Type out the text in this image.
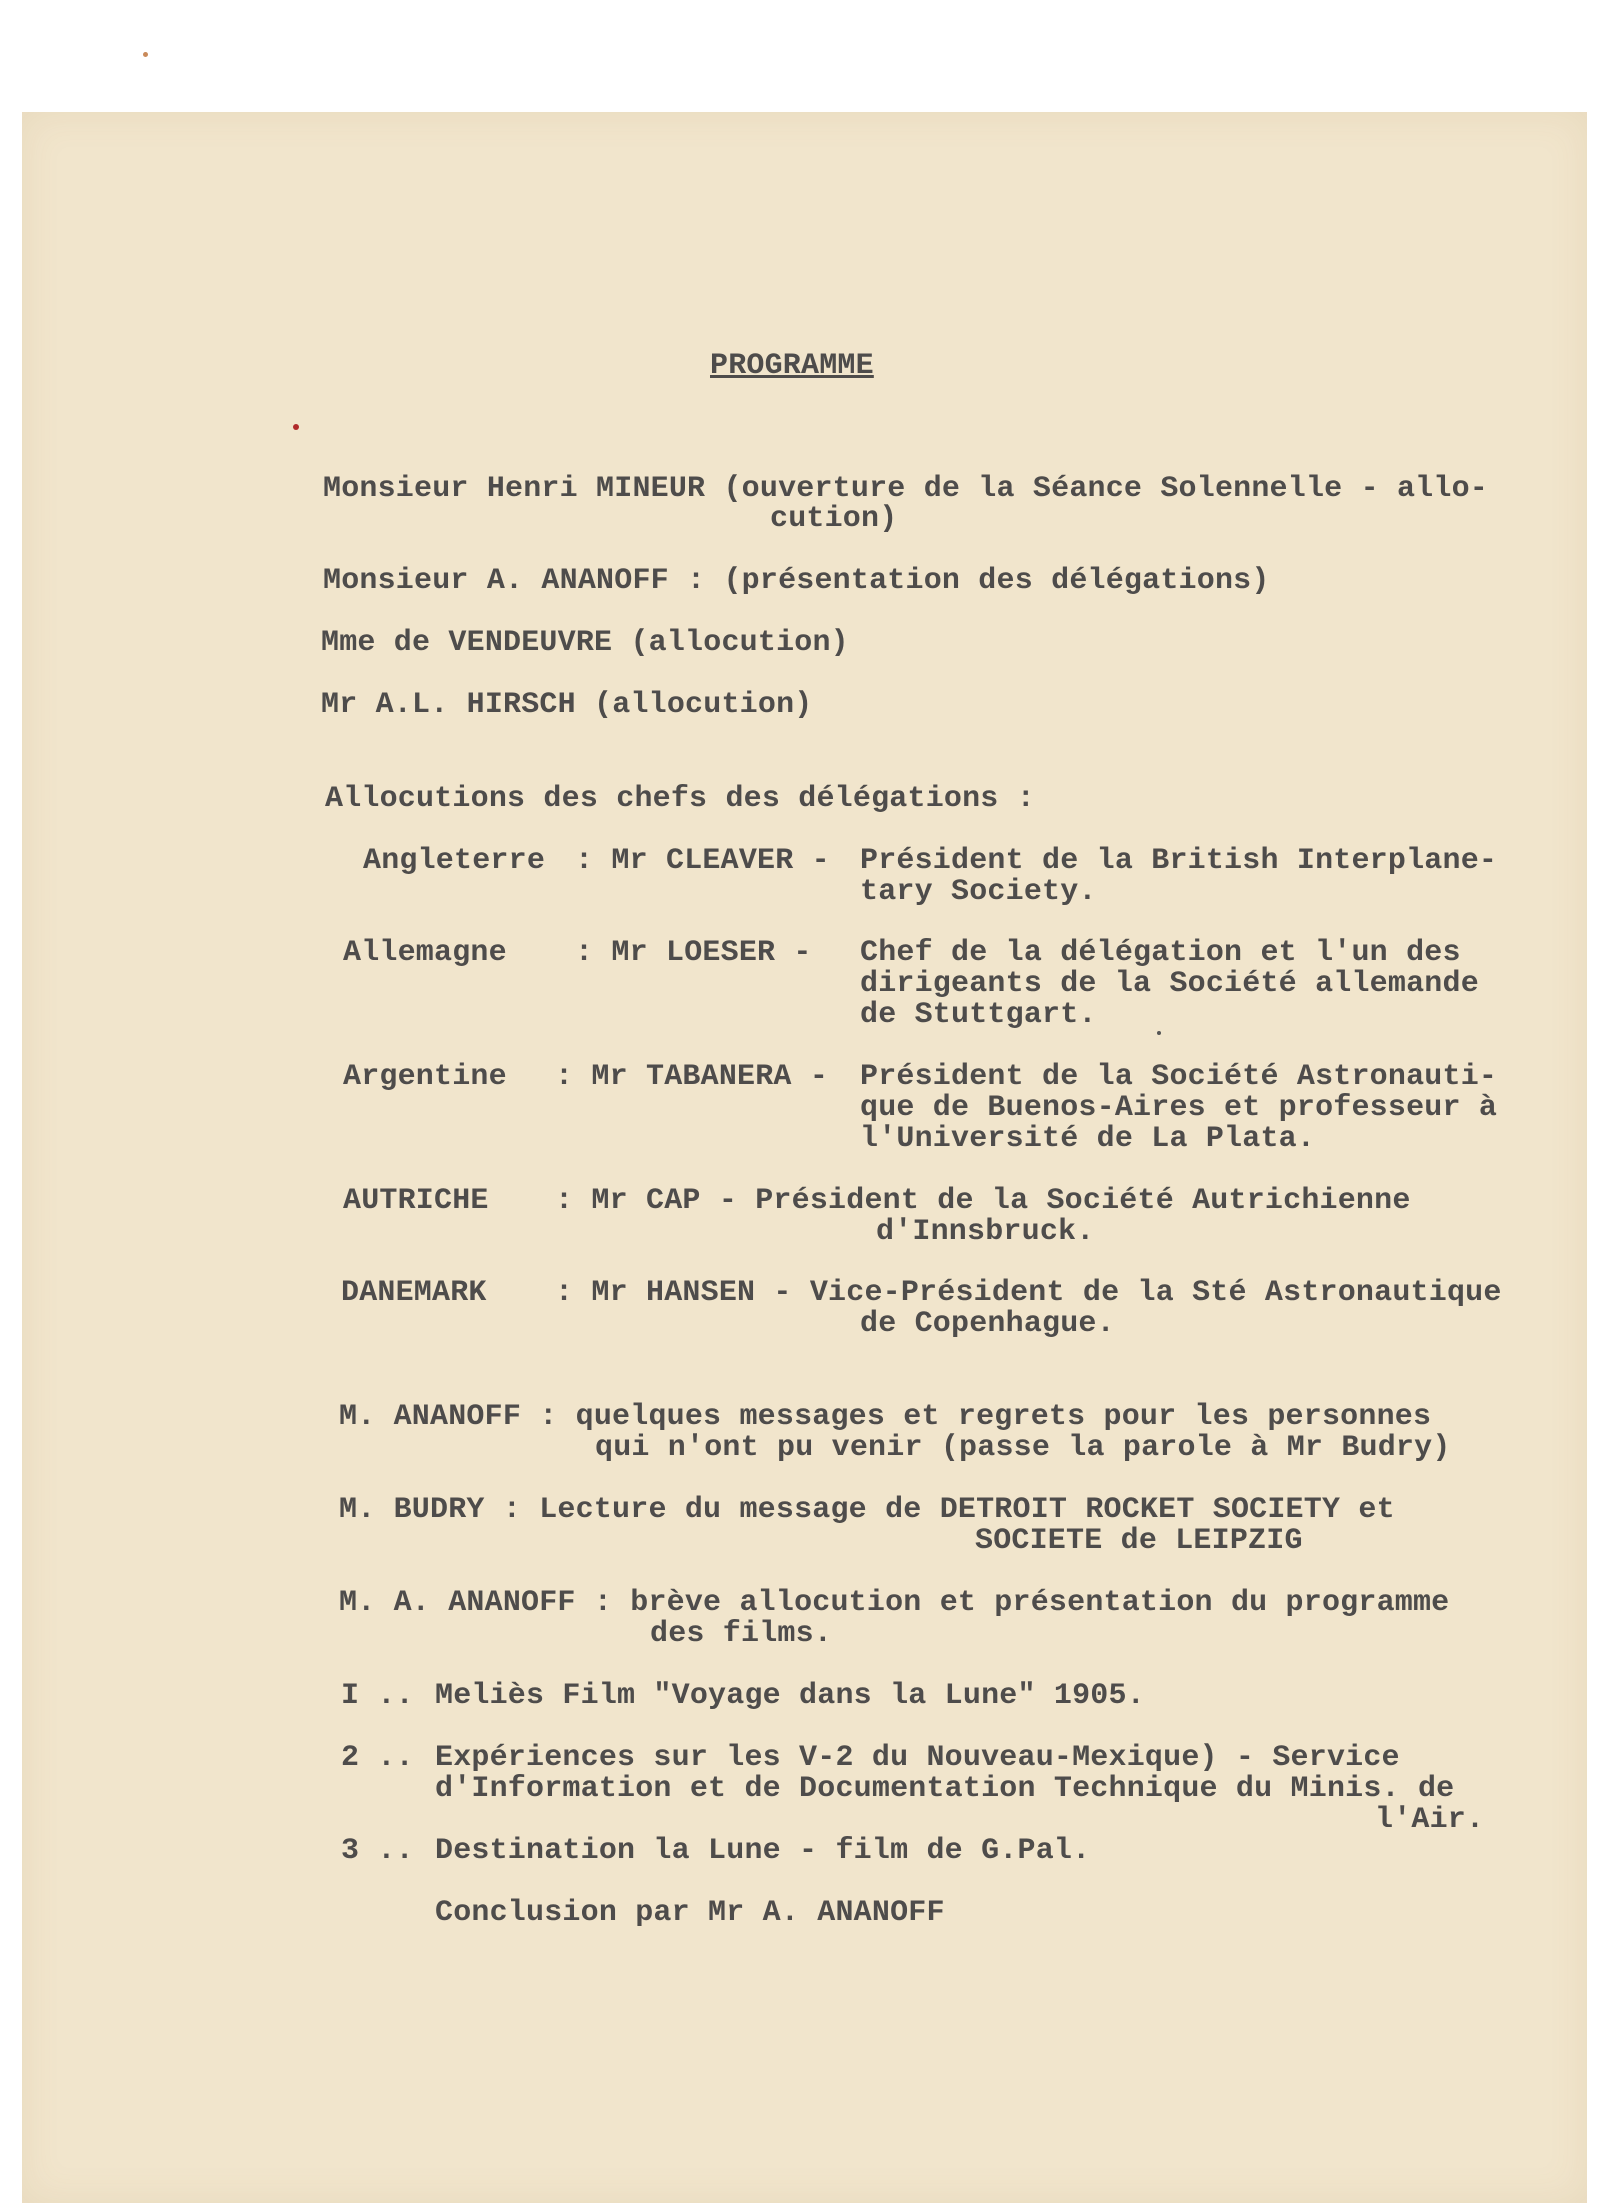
PROGRAMME
Monsieur Henri MINEUR (ouverture de la Séance Solennelle - allo-
cution)
Monsieur A. ANANOFF : (présentation des délégations)
Mme de VENDEUVRE (allocution)
Mr A.L. HIRSCH (allocution)
Allocutions des chefs des délégations :
Angleterre : Mr CLEAVER - Président de la British Interplane-
tary Society.
Allemagne : Mr LOESER - Chef de la délégation et l'un des
dirigeants de la Société allemande
de Stuttgart.
Argentine : Mr TABANERA - Président de la Société Astronauti-
que de Buenos-Aires et professeur à
l'Université de La Plata.
AUTRICHE : Mr CAP - Président de la Société Autrichienne
d'Innsbruck.
DANEMARK : Mr HANSEN - Vice-Président de la Sté Astronautique
de Copenhague.
M. ANANOFF : quelques messages et regrets pour les personnes
qui n'ont pu venir (passe la parole à Mr Budry)
M. BUDRY : Lecture du message de DETROIT ROCKET SOCIETY et
SOCIETE de LEIPZIG
M. A. ANANOFF : brève allocution et présentation du programme
des films.
I .. Meliès Film "Voyage dans la Lune" 1905.
2 .. Expériences sur les V-2 du Nouveau-Mexique) - Service
d'Information et de Documentation Technique du Minis. de
l'Air.
3 .. Destination la Lune - film de G.Pal.
Conclusion par Mr A. ANANOFF
